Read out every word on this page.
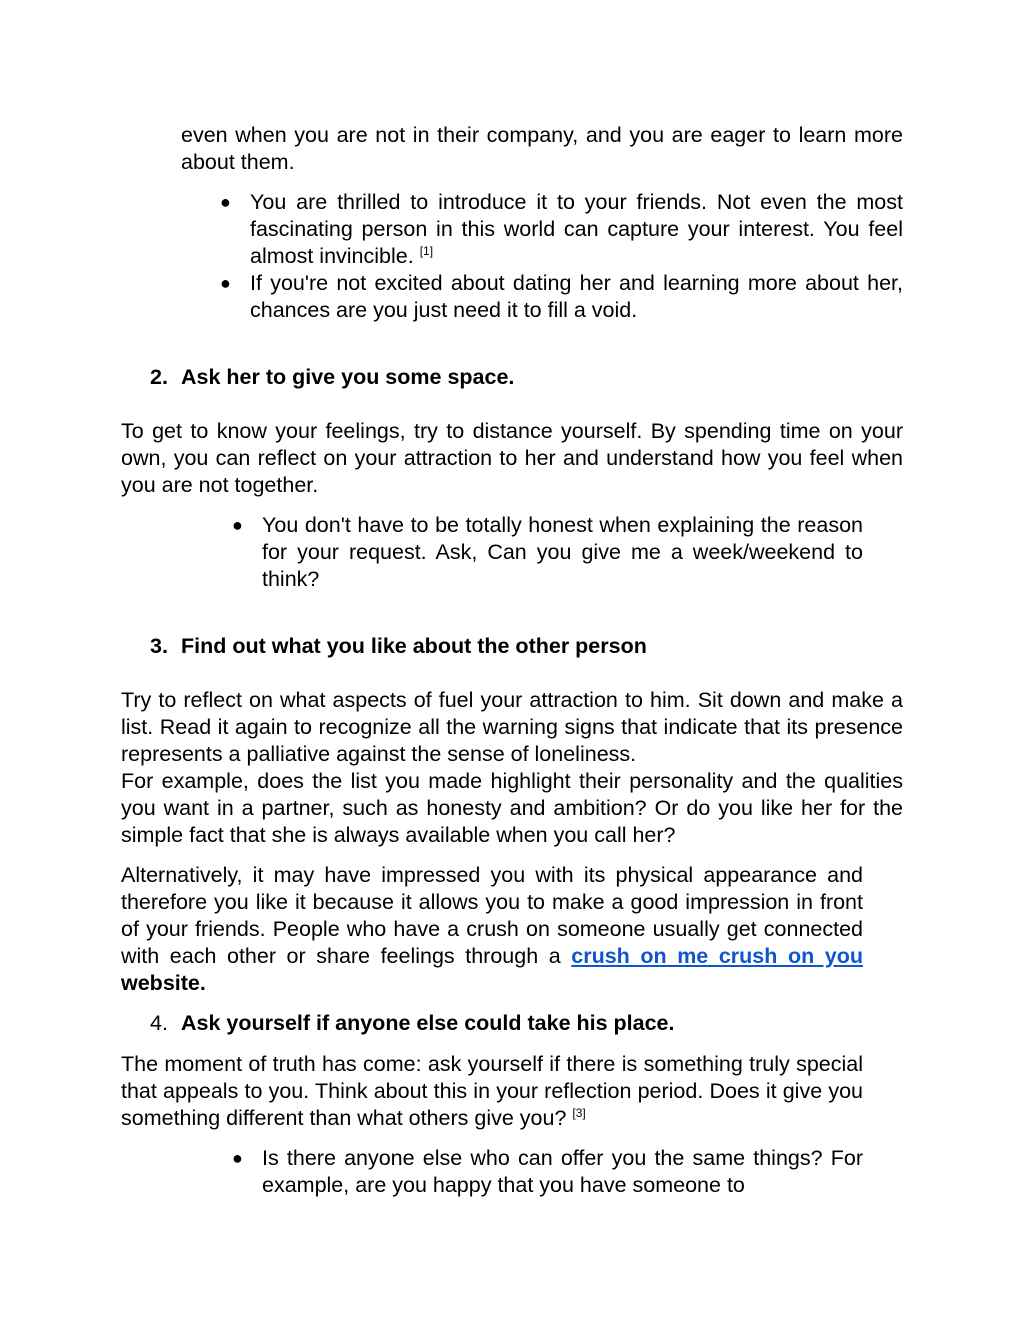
even when you are not in their company, and you are eager to learn more about them.

● You are thrilled to introduce it to your friends. Not even the most fascinating person in this world can capture your interest. You feel almost invincible. [1]
● If you're not excited about dating her and learning more about her, chances are you just need it to fill a void.
2. Ask her to give you some space.

To get to know your feelings, try to distance yourself. By spending time on your own, you can reflect on your attraction to her and understand how you feel when you are not together.

● You don't have to be totally honest when explaining the reason for your request. Ask, Can you give me a week/weekend to think?
3. Find out what you like about the other person

Try to reflect on what aspects of fuel your attraction to him. Sit down and make a list. Read it again to recognize all the warning signs that indicate that its presence represents a palliative against the sense of loneliness.

For example, does the list you made highlight their personality and the qualities you want in a partner, such as honesty and ambition? Or do you like her for the simple fact that she is always available when you call her?

Alternatively, it may have impressed you with its physical appearance and therefore you like it because it allows you to make a good impression in front of your friends. People who have a crush on someone usually get connected with each other or share feelings through a crush on me crush on you website.

4. Ask yourself if anyone else could take his place.

The moment of truth has come: ask yourself if there is something truly special that appeals to you. Think about this in your reflection period. Does it give you something different than what others give you? [3]

● Is there anyone else who can offer you the same things? For example, are you happy that you have someone to
